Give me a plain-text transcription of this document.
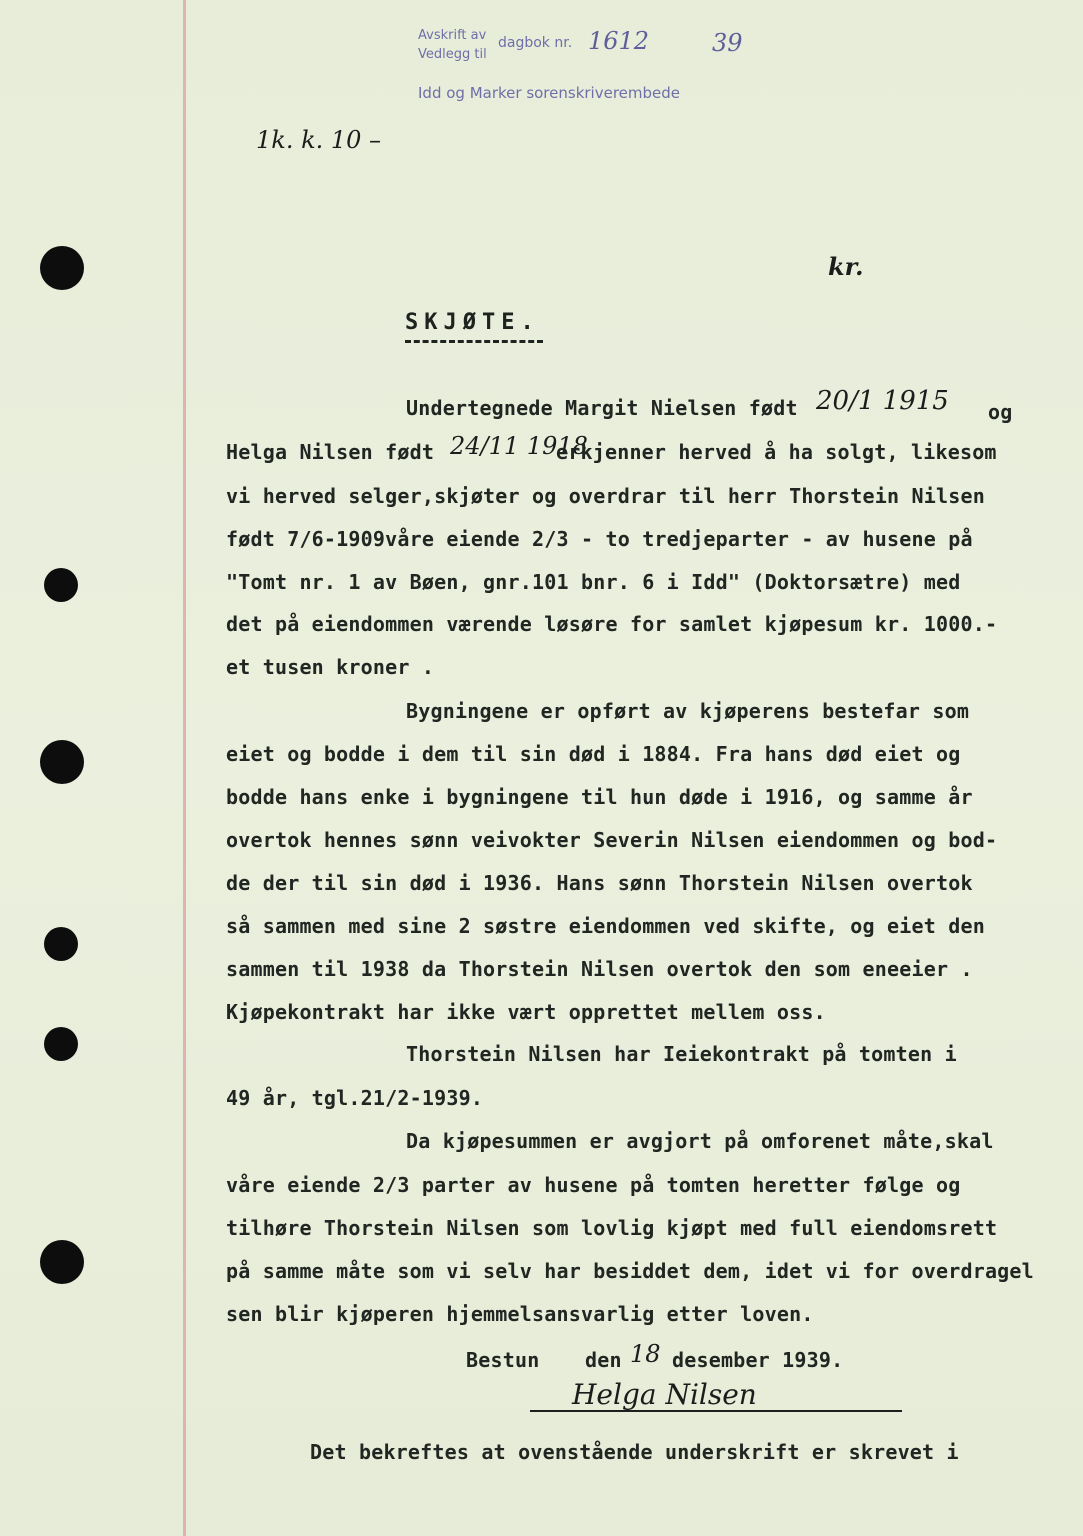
Avskrift av
Vedlegg til
dagbok nr. 1612	39
Idd og Marker sorenskriverembede
1k. k. 10 –
kr.
SKJØTE.
Undertegnede Margit Nielsen født 20/1 1915 og
Helga Nilsen født 24/11 1918
erkjenner herved å ha solgt, likesom
vi herved selger,skjøter og overdrar til herr Thorstein Nilsen
født 7/6-1909våre eiende 2/3 - to tredjeparter - av husene på
"Tomt nr. 1 av Bøen, gnr.101 bnr. 6 i Idd" (Doktorsætre) med
det på eiendommen værende løsøre for samlet kjøpesum kr. 1000.-
et tusen kroner .
Bygningene er opført av kjøperens bestefar som
eiet og bodde i dem til sin død i 1884. Fra hans død eiet og
bodde hans enke i bygningene til hun døde i 1916, og samme år
overtok hennes sønn veivokter Severin Nilsen eiendommen og bod-
de der til sin død i 1936. Hans sønn Thorstein Nilsen overtok
så sammen med sine 2 søstre eiendommen ved skifte, og eiet den
sammen til 1938 da Thorstein Nilsen overtok den som eneeier .
Kjøpekontrakt har ikke vært opprettet mellem oss.
Thorstein Nilsen har Ieiekontrakt på tomten i
49 år, tgl.21/2-1939.
Da kjøpesummen er avgjort på omforenet måte,skal
våre eiende 2/3 parter av husene på tomten heretter følge og
tilhøre Thorstein Nilsen som lovlig kjøpt med full eiendomsrett
på samme måte som vi selv har besiddet dem, idet vi for overdragel
sen blir kjøperen hjemmelsansvarlig etter loven.
Bestun den 18 desember 1939.
Helga Nilsen
Det bekreftes at ovenstående underskrift er skrevet i
